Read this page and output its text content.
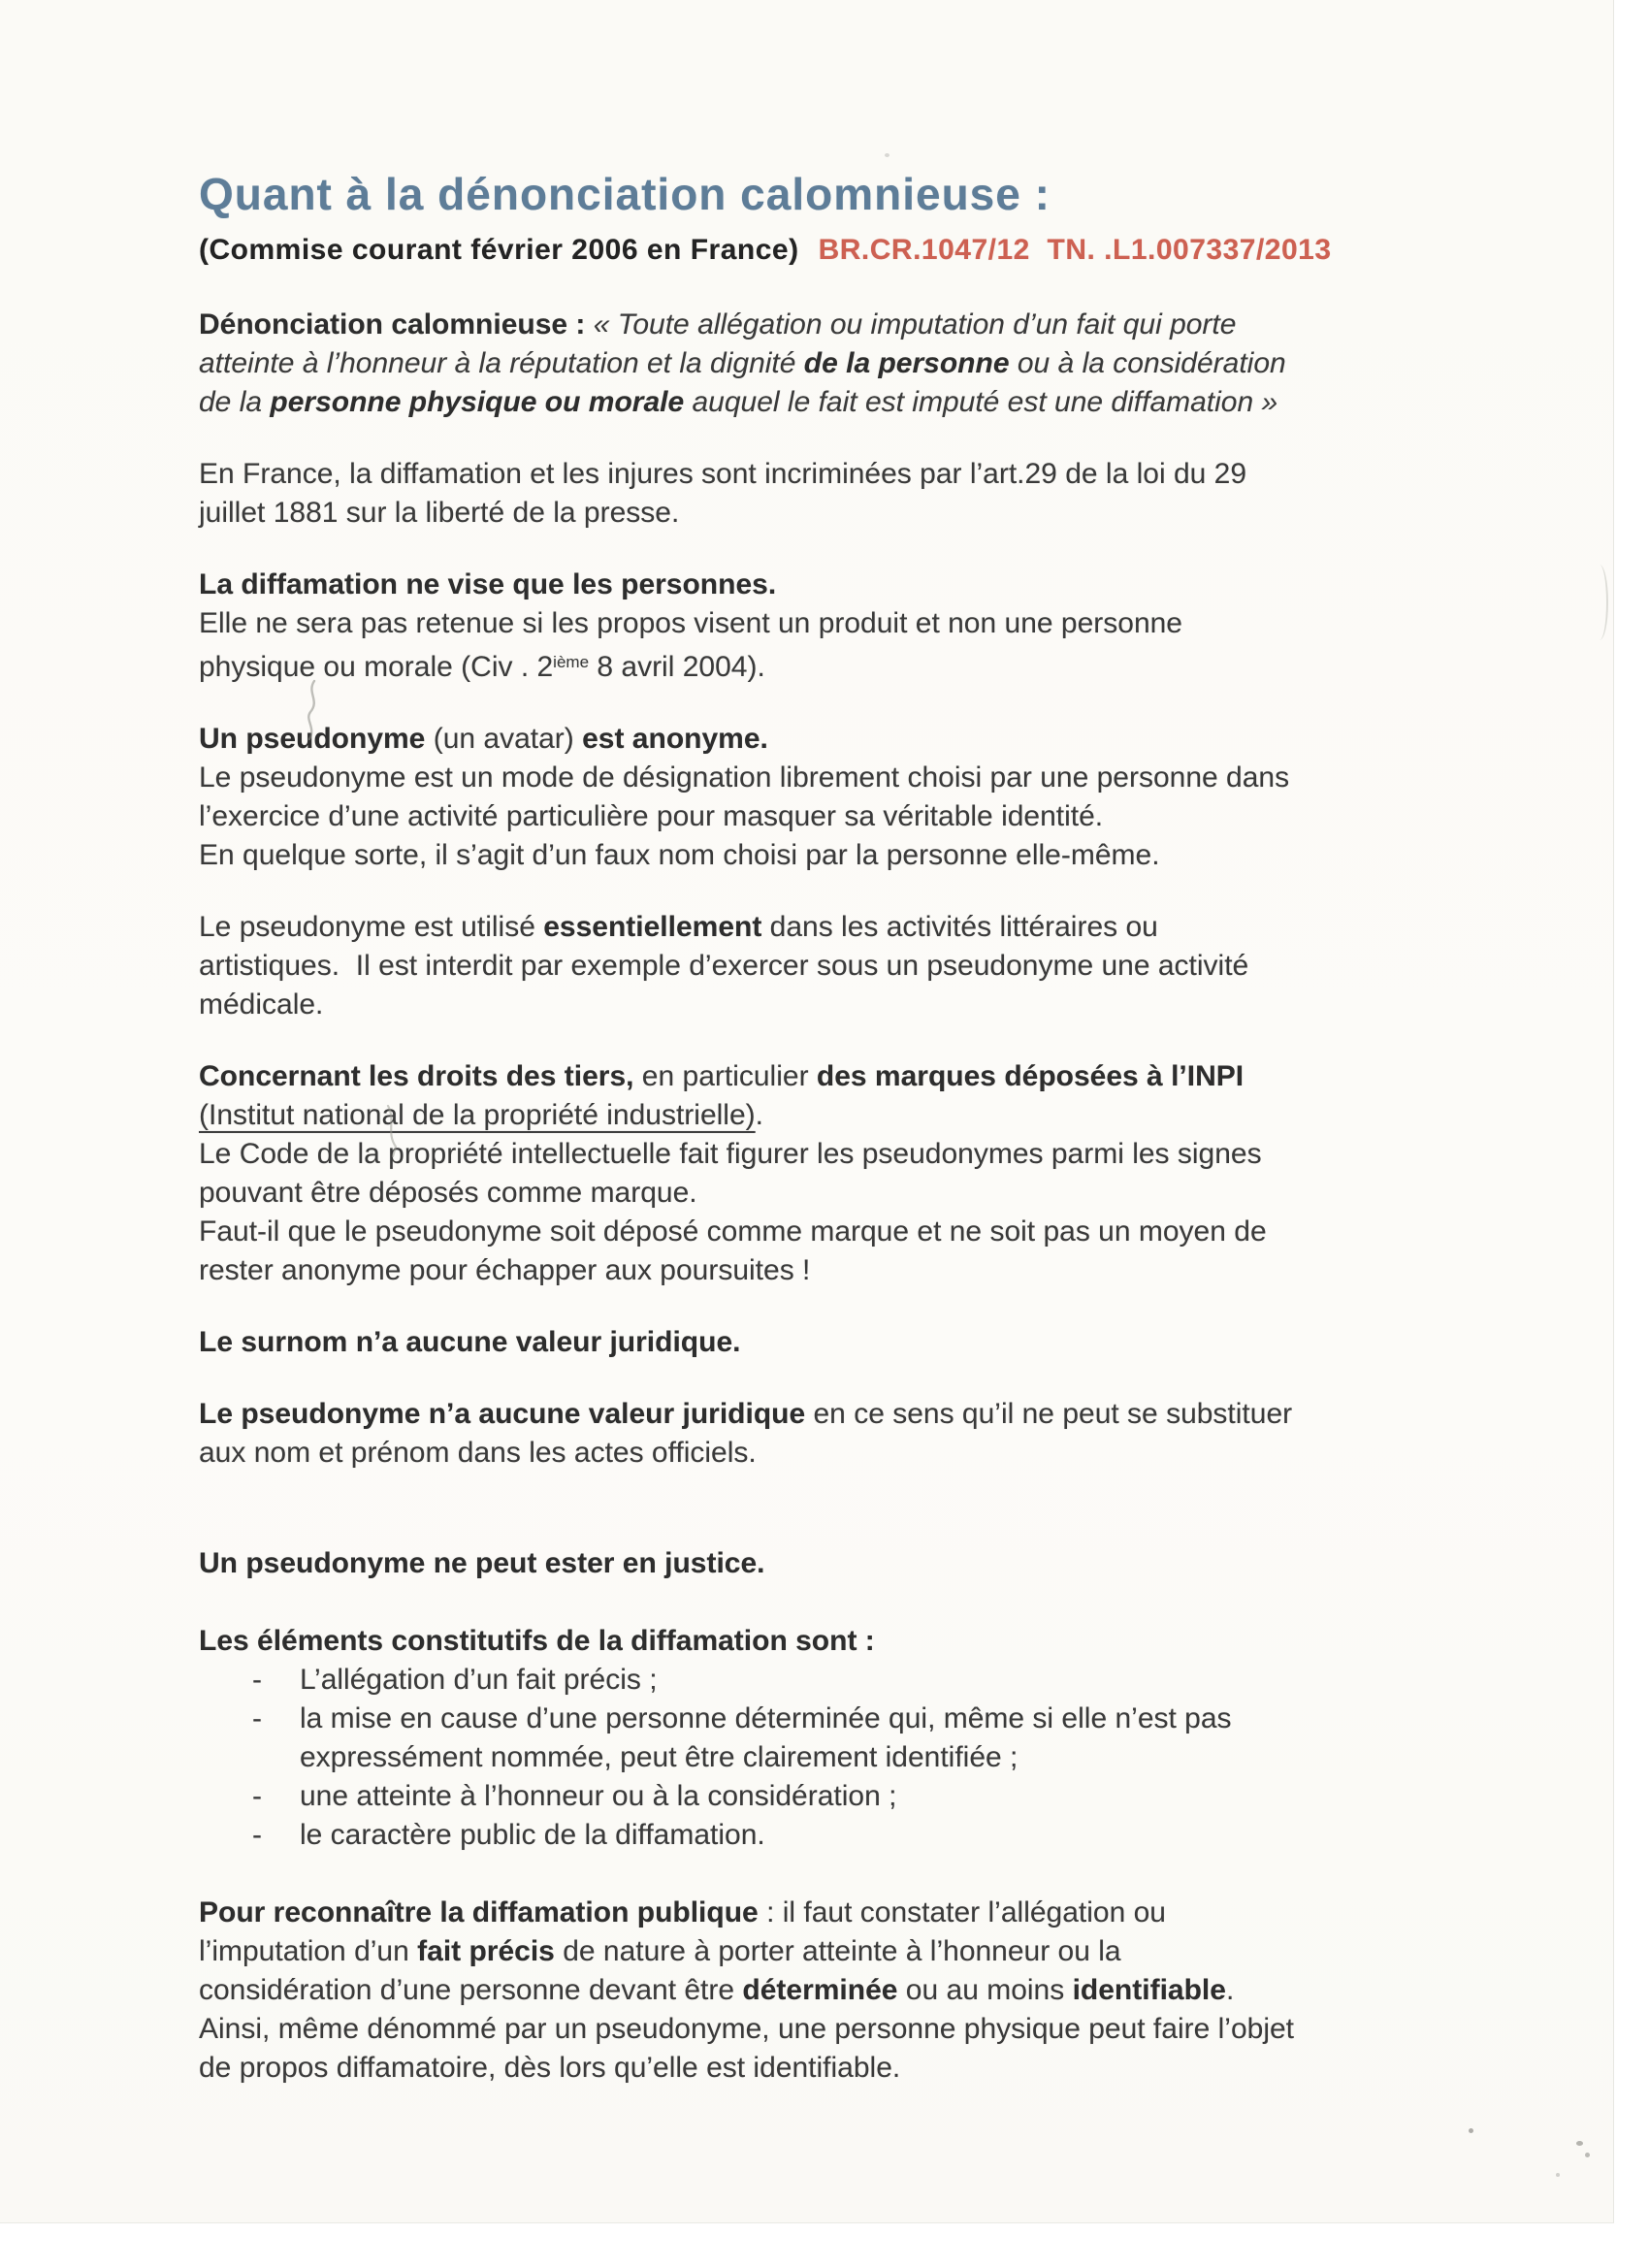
Quant à la dénonciation calomnieuse :
(Commise courant février 2006 en France) BR.CR.1047/12  TN. .L1.007337/2013
Dénonciation calomnieuse : « Toute allégation ou imputation d’un fait qui porte
atteinte à l’honneur à la réputation et la dignité de la personne ou à la considération
de la personne physique ou morale auquel le fait est imputé est une diffamation »
En France, la diffamation et les injures sont incriminées par l’art.29 de la loi du 29
juillet 1881 sur la liberté de la presse.
La diffamation ne vise que les personnes.
Elle ne sera pas retenue si les propos visent un produit et non une personne
physique ou morale (Civ . 2ième 8 avril 2004).
Un pseudonyme (un avatar) est anonyme.
Le pseudonyme est un mode de désignation librement choisi par une personne dans
l’exercice d’une activité particulière pour masquer sa véritable identité.
En quelque sorte, il s’agit d’un faux nom choisi par la personne elle-même.
Le pseudonyme est utilisé essentiellement dans les activités littéraires ou
artistiques.  Il est interdit par exemple d’exercer sous un pseudonyme une activité
médicale.
Concernant les droits des tiers, en particulier des marques déposées à l’INPI
(Institut national de la propriété industrielle).
Le Code de la propriété intellectuelle fait figurer les pseudonymes parmi les signes
pouvant être déposés comme marque.
Faut-il que le pseudonyme soit déposé comme marque et ne soit pas un moyen de
rester anonyme pour échapper aux poursuites !
Le surnom n’a aucune valeur juridique.
Le pseudonyme n’a aucune valeur juridique en ce sens qu’il ne peut se substituer
aux nom et prénom dans les actes officiels.
Un pseudonyme ne peut ester en justice.
Les éléments constitutifs de la diffamation sont :
- L’allégation d’un fait précis ;
- la mise en cause d’une personne déterminée qui, même si elle n’est pas
expressément nommée, peut être clairement identifiée ;
- une atteinte à l’honneur ou à la considération ;
- le caractère public de la diffamation.
Pour reconnaître la diffamation publique : il faut constater l’allégation ou
l’imputation d’un fait précis de nature à porter atteinte à l’honneur ou la
considération d’une personne devant être déterminée ou au moins identifiable.
Ainsi, même dénommé par un pseudonyme, une personne physique peut faire l’objet
de propos diffamatoire, dès lors qu’elle est identifiable.
